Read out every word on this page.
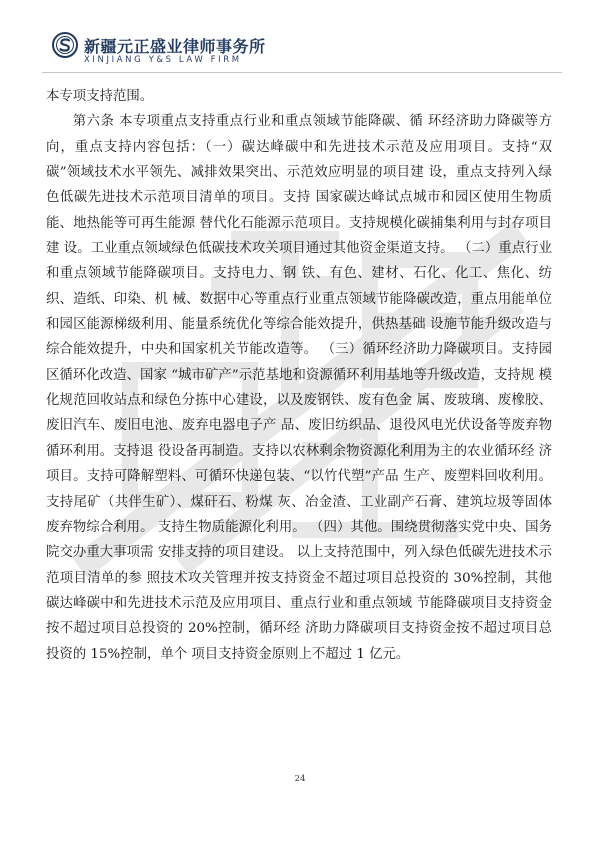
新疆元正盛业律师事务所
XINJIANG Y&S LAW FIRM

本专项支持范围。

第六条 本专项重点支持重点行业和重点领域节能降碳、循 环经济助力降碳等方向，重点支持内容包括：（一）碳达峰碳中和先进技术示范及应用项目。支持“双 碳”领域技术水平领先、减排效果突出、示范效应明显的项目建 设，重点支持列入绿色低碳先进技术示范项目清单的项目。支持 国家碳达峰试点城市和园区使用生物质能、地热能等可再生能源 替代化石能源示范项目。支持规模化碳捕集利用与封存项目建 设。工业重点领域绿色低碳技术攻关项目通过其他资金渠道支持。 （二）重点行业和重点领域节能降碳项目。支持电力、钢 铁、有色、建材、石化、化工、焦化、纺织、造纸、印染、机 械、数据中心等重点行业重点领域节能降碳改造，重点用能单位 和园区能源梯级利用、能量系统优化等综合能效提升，供热基础 设施节能升级改造与综合能效提升，中央和国家机关节能改造等。 （三）循环经济助力降碳项目。支持园区循环化改造、国家 “城市矿产”示范基地和资源循环利用基地等升级改造，支持规 模化规范回收站点和绿色分拣中心建设，以及废钢铁、废有色金 属、废玻璃、废橡胶、废旧汽车、废旧电池、废弃电器电子产 品、废旧纺织品、退役风电光伏设备等废弃物循环利用。支持退 役设备再制造。支持以农林剩余物资源化利用为主的农业循环经 济项目。支持可降解塑料、可循环快递包装、“以竹代塑”产品 生产、废塑料回收利用。支持尾矿（共伴生矿）、煤矸石、粉煤 灰、冶金渣、工业副产石膏、建筑垃圾等固体废弃物综合利用。 支持生物质能源化利用。 （四）其他。围绕贯彻落实党中央、国务院交办重大事项需 安排支持的项目建设。 以上支持范围中，列入绿色低碳先进技术示范项目清单的参 照技术攻关管理并按支持资金不超过项目总投资的 30%控制，其他碳达峰碳中和先进技术示范及应用项目、重点行业和重点领域 节能降碳项目支持资金按不超过项目总投资的 20%控制，循环经 济助力降碳项目支持资金按不超过项目总投资的 15%控制，单个 项目支持资金原则上不超过 1 亿元。

24
